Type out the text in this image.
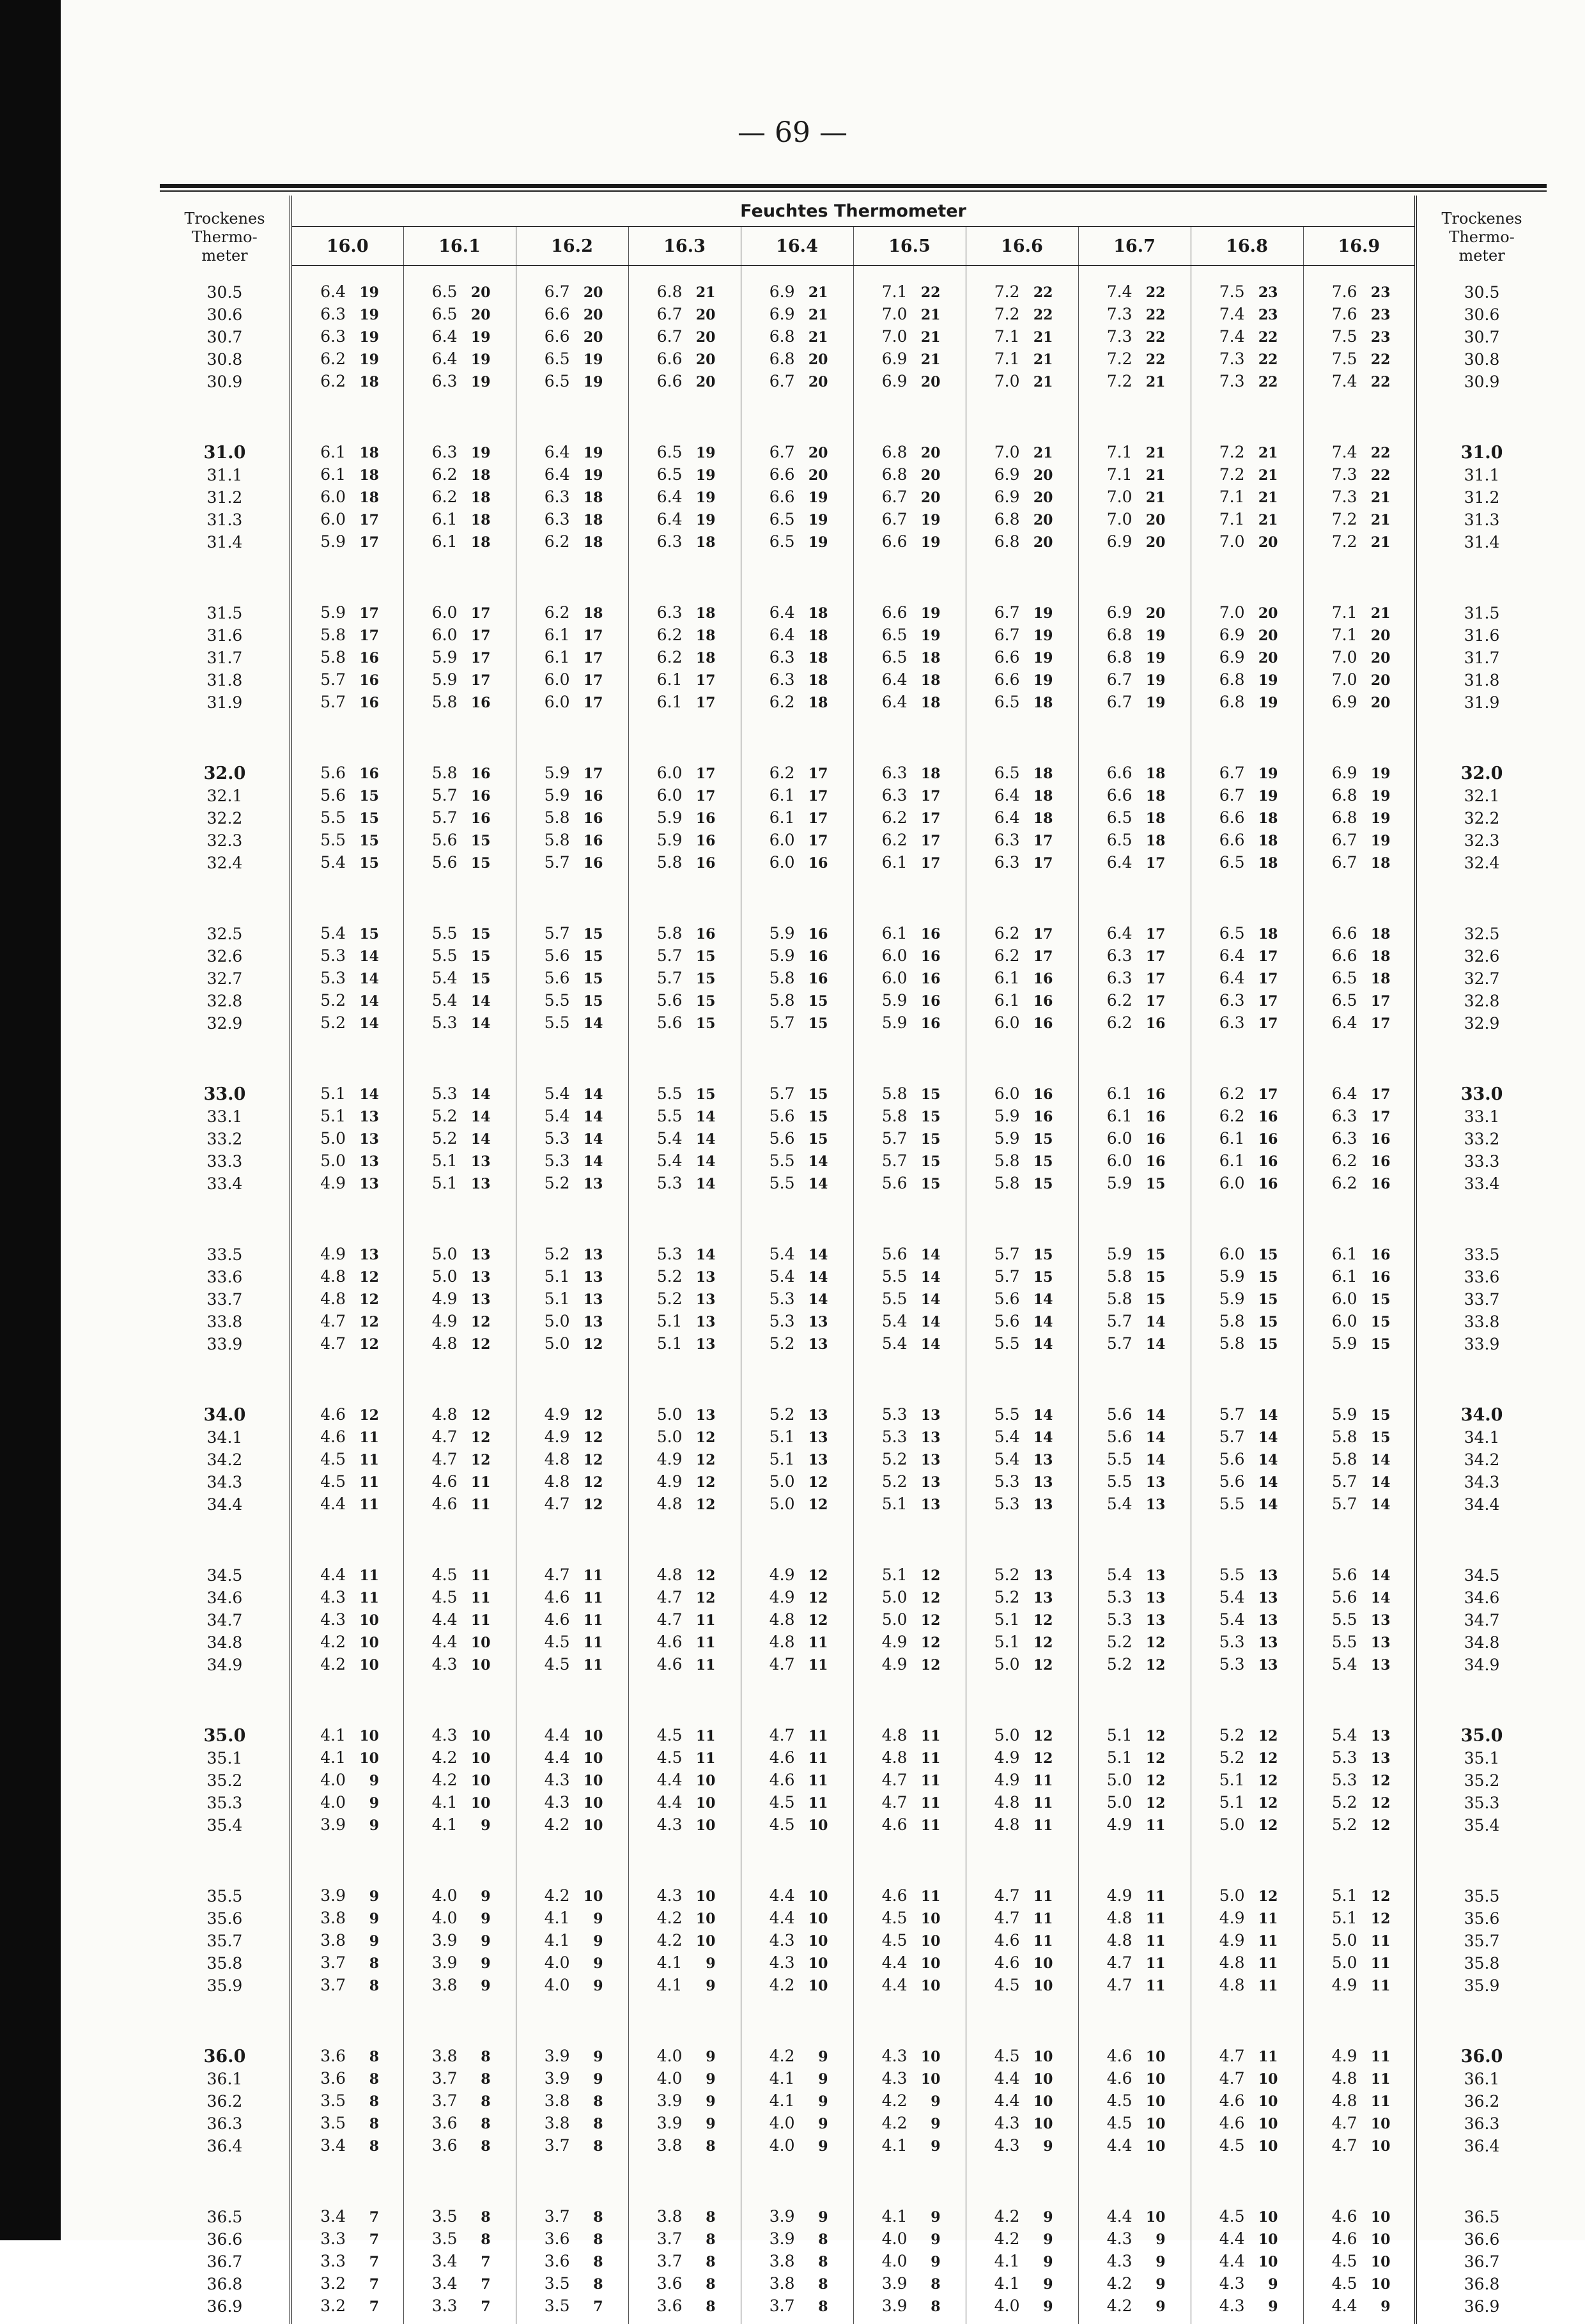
— 69 —
Trockenes
Thermo-
meter	Feuchtes Thermometer										Trockenes
Thermo-
meter
	16.0	16.1	16.2	16.3	16.4	16.5	16.6	16.7	16.8	16.9	

30.5	6.4 19	6.5 20	6.7 20	6.8 21	6.9 21	7.1 22	7.2 22	7.4 22	7.5 23	7.6 23	30.5
30.6	6.3 19	6.5 20	6.6 20	6.7 20	6.9 21	7.0 21	7.2 22	7.3 22	7.4 23	7.6 23	30.6
30.7	6.3 19	6.4 19	6.6 20	6.7 20	6.8 21	7.0 21	7.1 21	7.3 22	7.4 22	7.5 23	30.7
30.8	6.2 19	6.4 19	6.5 19	6.6 20	6.8 20	6.9 21	7.1 21	7.2 22	7.3 22	7.5 22	30.8
30.9	6.2 18	6.3 19	6.5 19	6.6 20	6.7 20	6.9 20	7.0 21	7.2 21	7.3 22	7.4 22	30.9

31.0	6.1 18	6.3 19	6.4 19	6.5 19	6.7 20	6.8 20	7.0 21	7.1 21	7.2 21	7.4 22	31.0
31.1	6.1 18	6.2 18	6.4 19	6.5 19	6.6 20	6.8 20	6.9 20	7.1 21	7.2 21	7.3 22	31.1
31.2	6.0 18	6.2 18	6.3 18	6.4 19	6.6 19	6.7 20	6.9 20	7.0 21	7.1 21	7.3 21	31.2
31.3	6.0 17	6.1 18	6.3 18	6.4 19	6.5 19	6.7 19	6.8 20	7.0 20	7.1 21	7.2 21	31.3
31.4	5.9 17	6.1 18	6.2 18	6.3 18	6.5 19	6.6 19	6.8 20	6.9 20	7.0 20	7.2 21	31.4

31.5	5.9 17	6.0 17	6.2 18	6.3 18	6.4 18	6.6 19	6.7 19	6.9 20	7.0 20	7.1 21	31.5
31.6	5.8 17	6.0 17	6.1 17	6.2 18	6.4 18	6.5 19	6.7 19	6.8 19	6.9 20	7.1 20	31.6
31.7	5.8 16	5.9 17	6.1 17	6.2 18	6.3 18	6.5 18	6.6 19	6.8 19	6.9 20	7.0 20	31.7
31.8	5.7 16	5.9 17	6.0 17	6.1 17	6.3 18	6.4 18	6.6 19	6.7 19	6.8 19	7.0 20	31.8
31.9	5.7 16	5.8 16	6.0 17	6.1 17	6.2 18	6.4 18	6.5 18	6.7 19	6.8 19	6.9 20	31.9

32.0	5.6 16	5.8 16	5.9 17	6.0 17	6.2 17	6.3 18	6.5 18	6.6 18	6.7 19	6.9 19	32.0
32.1	5.6 15	5.7 16	5.9 16	6.0 17	6.1 17	6.3 17	6.4 18	6.6 18	6.7 19	6.8 19	32.1
32.2	5.5 15	5.7 16	5.8 16	5.9 16	6.1 17	6.2 17	6.4 18	6.5 18	6.6 18	6.8 19	32.2
32.3	5.5 15	5.6 15	5.8 16	5.9 16	6.0 17	6.2 17	6.3 17	6.5 18	6.6 18	6.7 19	32.3
32.4	5.4 15	5.6 15	5.7 16	5.8 16	6.0 16	6.1 17	6.3 17	6.4 17	6.5 18	6.7 18	32.4

32.5	5.4 15	5.5 15	5.7 15	5.8 16	5.9 16	6.1 16	6.2 17	6.4 17	6.5 18	6.6 18	32.5
32.6	5.3 14	5.5 15	5.6 15	5.7 15	5.9 16	6.0 16	6.2 17	6.3 17	6.4 17	6.6 18	32.6
32.7	5.3 14	5.4 15	5.6 15	5.7 15	5.8 16	6.0 16	6.1 16	6.3 17	6.4 17	6.5 18	32.7
32.8	5.2 14	5.4 14	5.5 15	5.6 15	5.8 15	5.9 16	6.1 16	6.2 17	6.3 17	6.5 17	32.8
32.9	5.2 14	5.3 14	5.5 14	5.6 15	5.7 15	5.9 16	6.0 16	6.2 16	6.3 17	6.4 17	32.9

33.0	5.1 14	5.3 14	5.4 14	5.5 15	5.7 15	5.8 15	6.0 16	6.1 16	6.2 17	6.4 17	33.0
33.1	5.1 13	5.2 14	5.4 14	5.5 14	5.6 15	5.8 15	5.9 16	6.1 16	6.2 16	6.3 17	33.1
33.2	5.0 13	5.2 14	5.3 14	5.4 14	5.6 15	5.7 15	5.9 15	6.0 16	6.1 16	6.3 16	33.2
33.3	5.0 13	5.1 13	5.3 14	5.4 14	5.5 14	5.7 15	5.8 15	6.0 16	6.1 16	6.2 16	33.3
33.4	4.9 13	5.1 13	5.2 13	5.3 14	5.5 14	5.6 15	5.8 15	5.9 15	6.0 16	6.2 16	33.4

33.5	4.9 13	5.0 13	5.2 13	5.3 14	5.4 14	5.6 14	5.7 15	5.9 15	6.0 15	6.1 16	33.5
33.6	4.8 12	5.0 13	5.1 13	5.2 13	5.4 14	5.5 14	5.7 15	5.8 15	5.9 15	6.1 16	33.6
33.7	4.8 12	4.9 13	5.1 13	5.2 13	5.3 14	5.5 14	5.6 14	5.8 15	5.9 15	6.0 15	33.7
33.8	4.7 12	4.9 12	5.0 13	5.1 13	5.3 13	5.4 14	5.6 14	5.7 14	5.8 15	6.0 15	33.8
33.9	4.7 12	4.8 12	5.0 12	5.1 13	5.2 13	5.4 14	5.5 14	5.7 14	5.8 15	5.9 15	33.9

34.0	4.6 12	4.8 12	4.9 12	5.0 13	5.2 13	5.3 13	5.5 14	5.6 14	5.7 14	5.9 15	34.0
34.1	4.6 11	4.7 12	4.9 12	5.0 12	5.1 13	5.3 13	5.4 14	5.6 14	5.7 14	5.8 15	34.1
34.2	4.5 11	4.7 12	4.8 12	4.9 12	5.1 13	5.2 13	5.4 13	5.5 14	5.6 14	5.8 14	34.2
34.3	4.5 11	4.6 11	4.8 12	4.9 12	5.0 12	5.2 13	5.3 13	5.5 13	5.6 14	5.7 14	34.3
34.4	4.4 11	4.6 11	4.7 12	4.8 12	5.0 12	5.1 13	5.3 13	5.4 13	5.5 14	5.7 14	34.4

34.5	4.4 11	4.5 11	4.7 11	4.8 12	4.9 12	5.1 12	5.2 13	5.4 13	5.5 13	5.6 14	34.5
34.6	4.3 11	4.5 11	4.6 11	4.7 12	4.9 12	5.0 12	5.2 13	5.3 13	5.4 13	5.6 14	34.6
34.7	4.3 10	4.4 11	4.6 11	4.7 11	4.8 12	5.0 12	5.1 12	5.3 13	5.4 13	5.5 13	34.7
34.8	4.2 10	4.4 10	4.5 11	4.6 11	4.8 11	4.9 12	5.1 12	5.2 12	5.3 13	5.5 13	34.8
34.9	4.2 10	4.3 10	4.5 11	4.6 11	4.7 11	4.9 12	5.0 12	5.2 12	5.3 13	5.4 13	34.9

35.0	4.1 10	4.3 10	4.4 10	4.5 11	4.7 11	4.8 11	5.0 12	5.1 12	5.2 12	5.4 13	35.0
35.1	4.1 10	4.2 10	4.4 10	4.5 11	4.6 11	4.8 11	4.9 12	5.1 12	5.2 12	5.3 13	35.1
35.2	4.0 9	4.2 10	4.3 10	4.4 10	4.6 11	4.7 11	4.9 11	5.0 12	5.1 12	5.3 12	35.2
35.3	4.0 9	4.1 10	4.3 10	4.4 10	4.5 11	4.7 11	4.8 11	5.0 12	5.1 12	5.2 12	35.3
35.4	3.9 9	4.1 9	4.2 10	4.3 10	4.5 10	4.6 11	4.8 11	4.9 11	5.0 12	5.2 12	35.4

35.5	3.9 9	4.0 9	4.2 10	4.3 10	4.4 10	4.6 11	4.7 11	4.9 11	5.0 12	5.1 12	35.5
35.6	3.8 9	4.0 9	4.1 9	4.2 10	4.4 10	4.5 10	4.7 11	4.8 11	4.9 11	5.1 12	35.6
35.7	3.8 9	3.9 9	4.1 9	4.2 10	4.3 10	4.5 10	4.6 11	4.8 11	4.9 11	5.0 11	35.7
35.8	3.7 8	3.9 9	4.0 9	4.1 9	4.3 10	4.4 10	4.6 10	4.7 11	4.8 11	5.0 11	35.8
35.9	3.7 8	3.8 9	4.0 9	4.1 9	4.2 10	4.4 10	4.5 10	4.7 11	4.8 11	4.9 11	35.9

36.0	3.6 8	3.8 8	3.9 9	4.0 9	4.2 9	4.3 10	4.5 10	4.6 10	4.7 11	4.9 11	36.0
36.1	3.6 8	3.7 8	3.9 9	4.0 9	4.1 9	4.3 10	4.4 10	4.6 10	4.7 10	4.8 11	36.1
36.2	3.5 8	3.7 8	3.8 8	3.9 9	4.1 9	4.2 9	4.4 10	4.5 10	4.6 10	4.8 11	36.2
36.3	3.5 8	3.6 8	3.8 8	3.9 9	4.0 9	4.2 9	4.3 10	4.5 10	4.6 10	4.7 10	36.3
36.4	3.4 8	3.6 8	3.7 8	3.8 8	4.0 9	4.1 9	4.3 9	4.4 10	4.5 10	4.7 10	36.4

36.5	3.4 7	3.5 8	3.7 8	3.8 8	3.9 9	4.1 9	4.2 9	4.4 10	4.5 10	4.6 10	36.5
36.6	3.3 7	3.5 8	3.6 8	3.7 8	3.9 8	4.0 9	4.2 9	4.3 9	4.4 10	4.6 10	36.6
36.7	3.3 7	3.4 7	3.6 8	3.7 8	3.8 8	4.0 9	4.1 9	4.3 9	4.4 10	4.5 10	36.7
36.8	3.2 7	3.4 7	3.5 8	3.6 8	3.8 8	3.9 8	4.1 9	4.2 9	4.3 9	4.5 10	36.8
36.9	3.2 7	3.3 7	3.5 7	3.6 8	3.7 8	3.9 8	4.0 9	4.2 9	4.3 9	4.4 9	36.9
